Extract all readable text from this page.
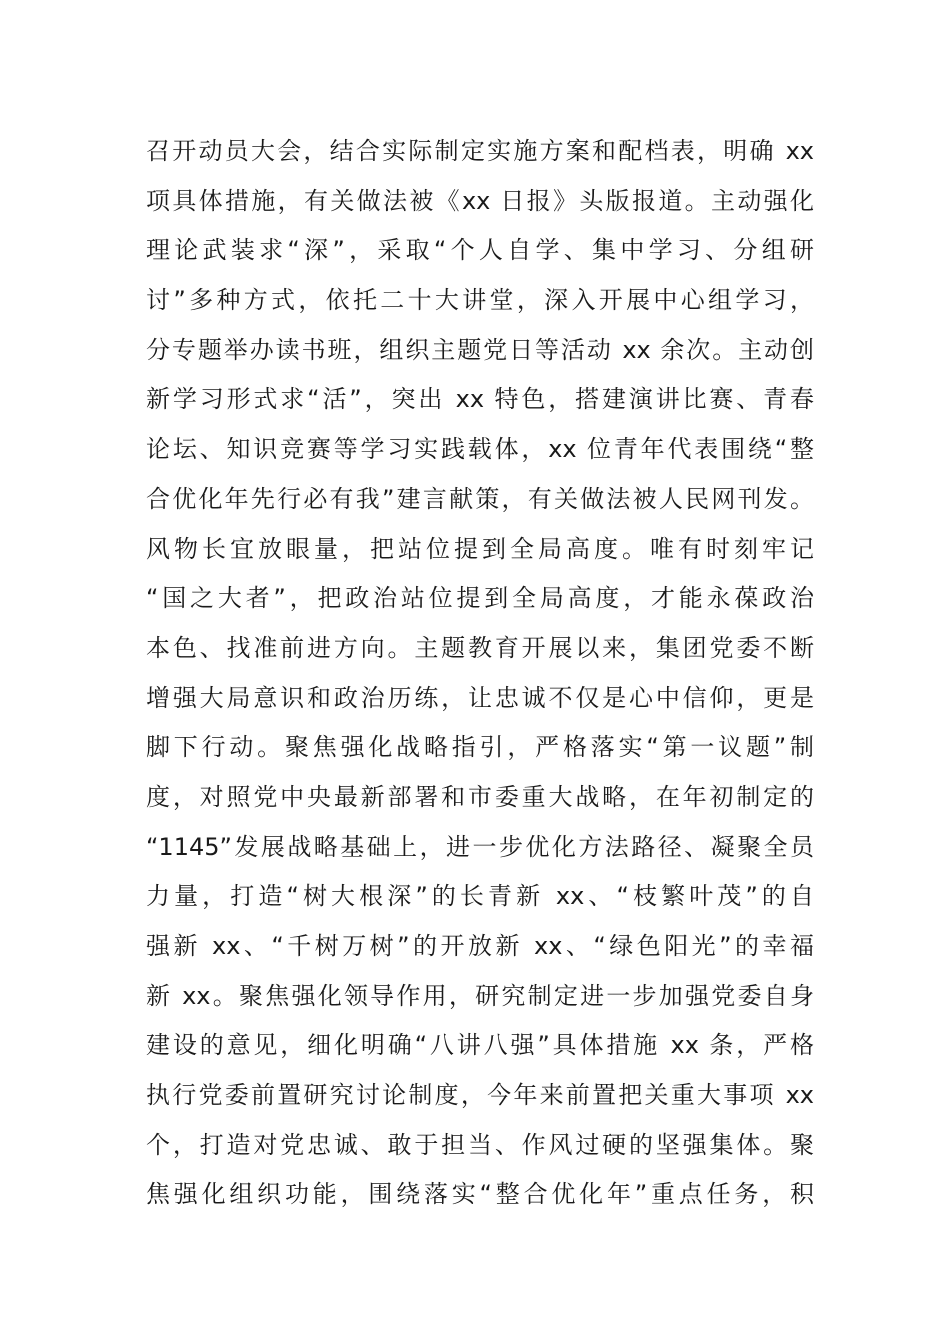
召开动员大会，结合实际制定实施方案和配档表，明确 xx
项具体措施，有关做法被《xx 日报》头版报道。主动强化
理论武装求“深”，采取“个人自学、集中学习、分组研
讨”多种方式，依托二十大讲堂，深入开展中心组学习，
分专题举办读书班，组织主题党日等活动 xx 余次。主动创
新学习形式求“活”，突出 xx 特色，搭建演讲比赛、青春
论坛、知识竞赛等学习实践载体，xx 位青年代表围绕“整
合优化年先行必有我”建言献策，有关做法被人民网刊发。
风物长宜放眼量，把站位提到全局高度。唯有时刻牢记
“国之大者”，把政治站位提到全局高度，才能永葆政治
本色、找准前进方向。主题教育开展以来，集团党委不断
增强大局意识和政治历练，让忠诚不仅是心中信仰，更是
脚下行动。聚焦强化战略指引，严格落实“第一议题”制
度，对照党中央最新部署和市委重大战略，在年初制定的
“1145”发展战略基础上，进一步优化方法路径、凝聚全员
力量，打造“树大根深”的长青新 xx、“枝繁叶茂”的自
强新 xx、“千树万树”的开放新 xx、“绿色阳光”的幸福
新 xx。聚焦强化领导作用，研究制定进一步加强党委自身
建设的意见，细化明确“八讲八强”具体措施 xx 条，严格
执行党委前置研究讨论制度，今年来前置把关重大事项 xx
个，打造对党忠诚、敢于担当、作风过硬的坚强集体。聚
焦强化组织功能，围绕落实“整合优化年”重点任务，积
